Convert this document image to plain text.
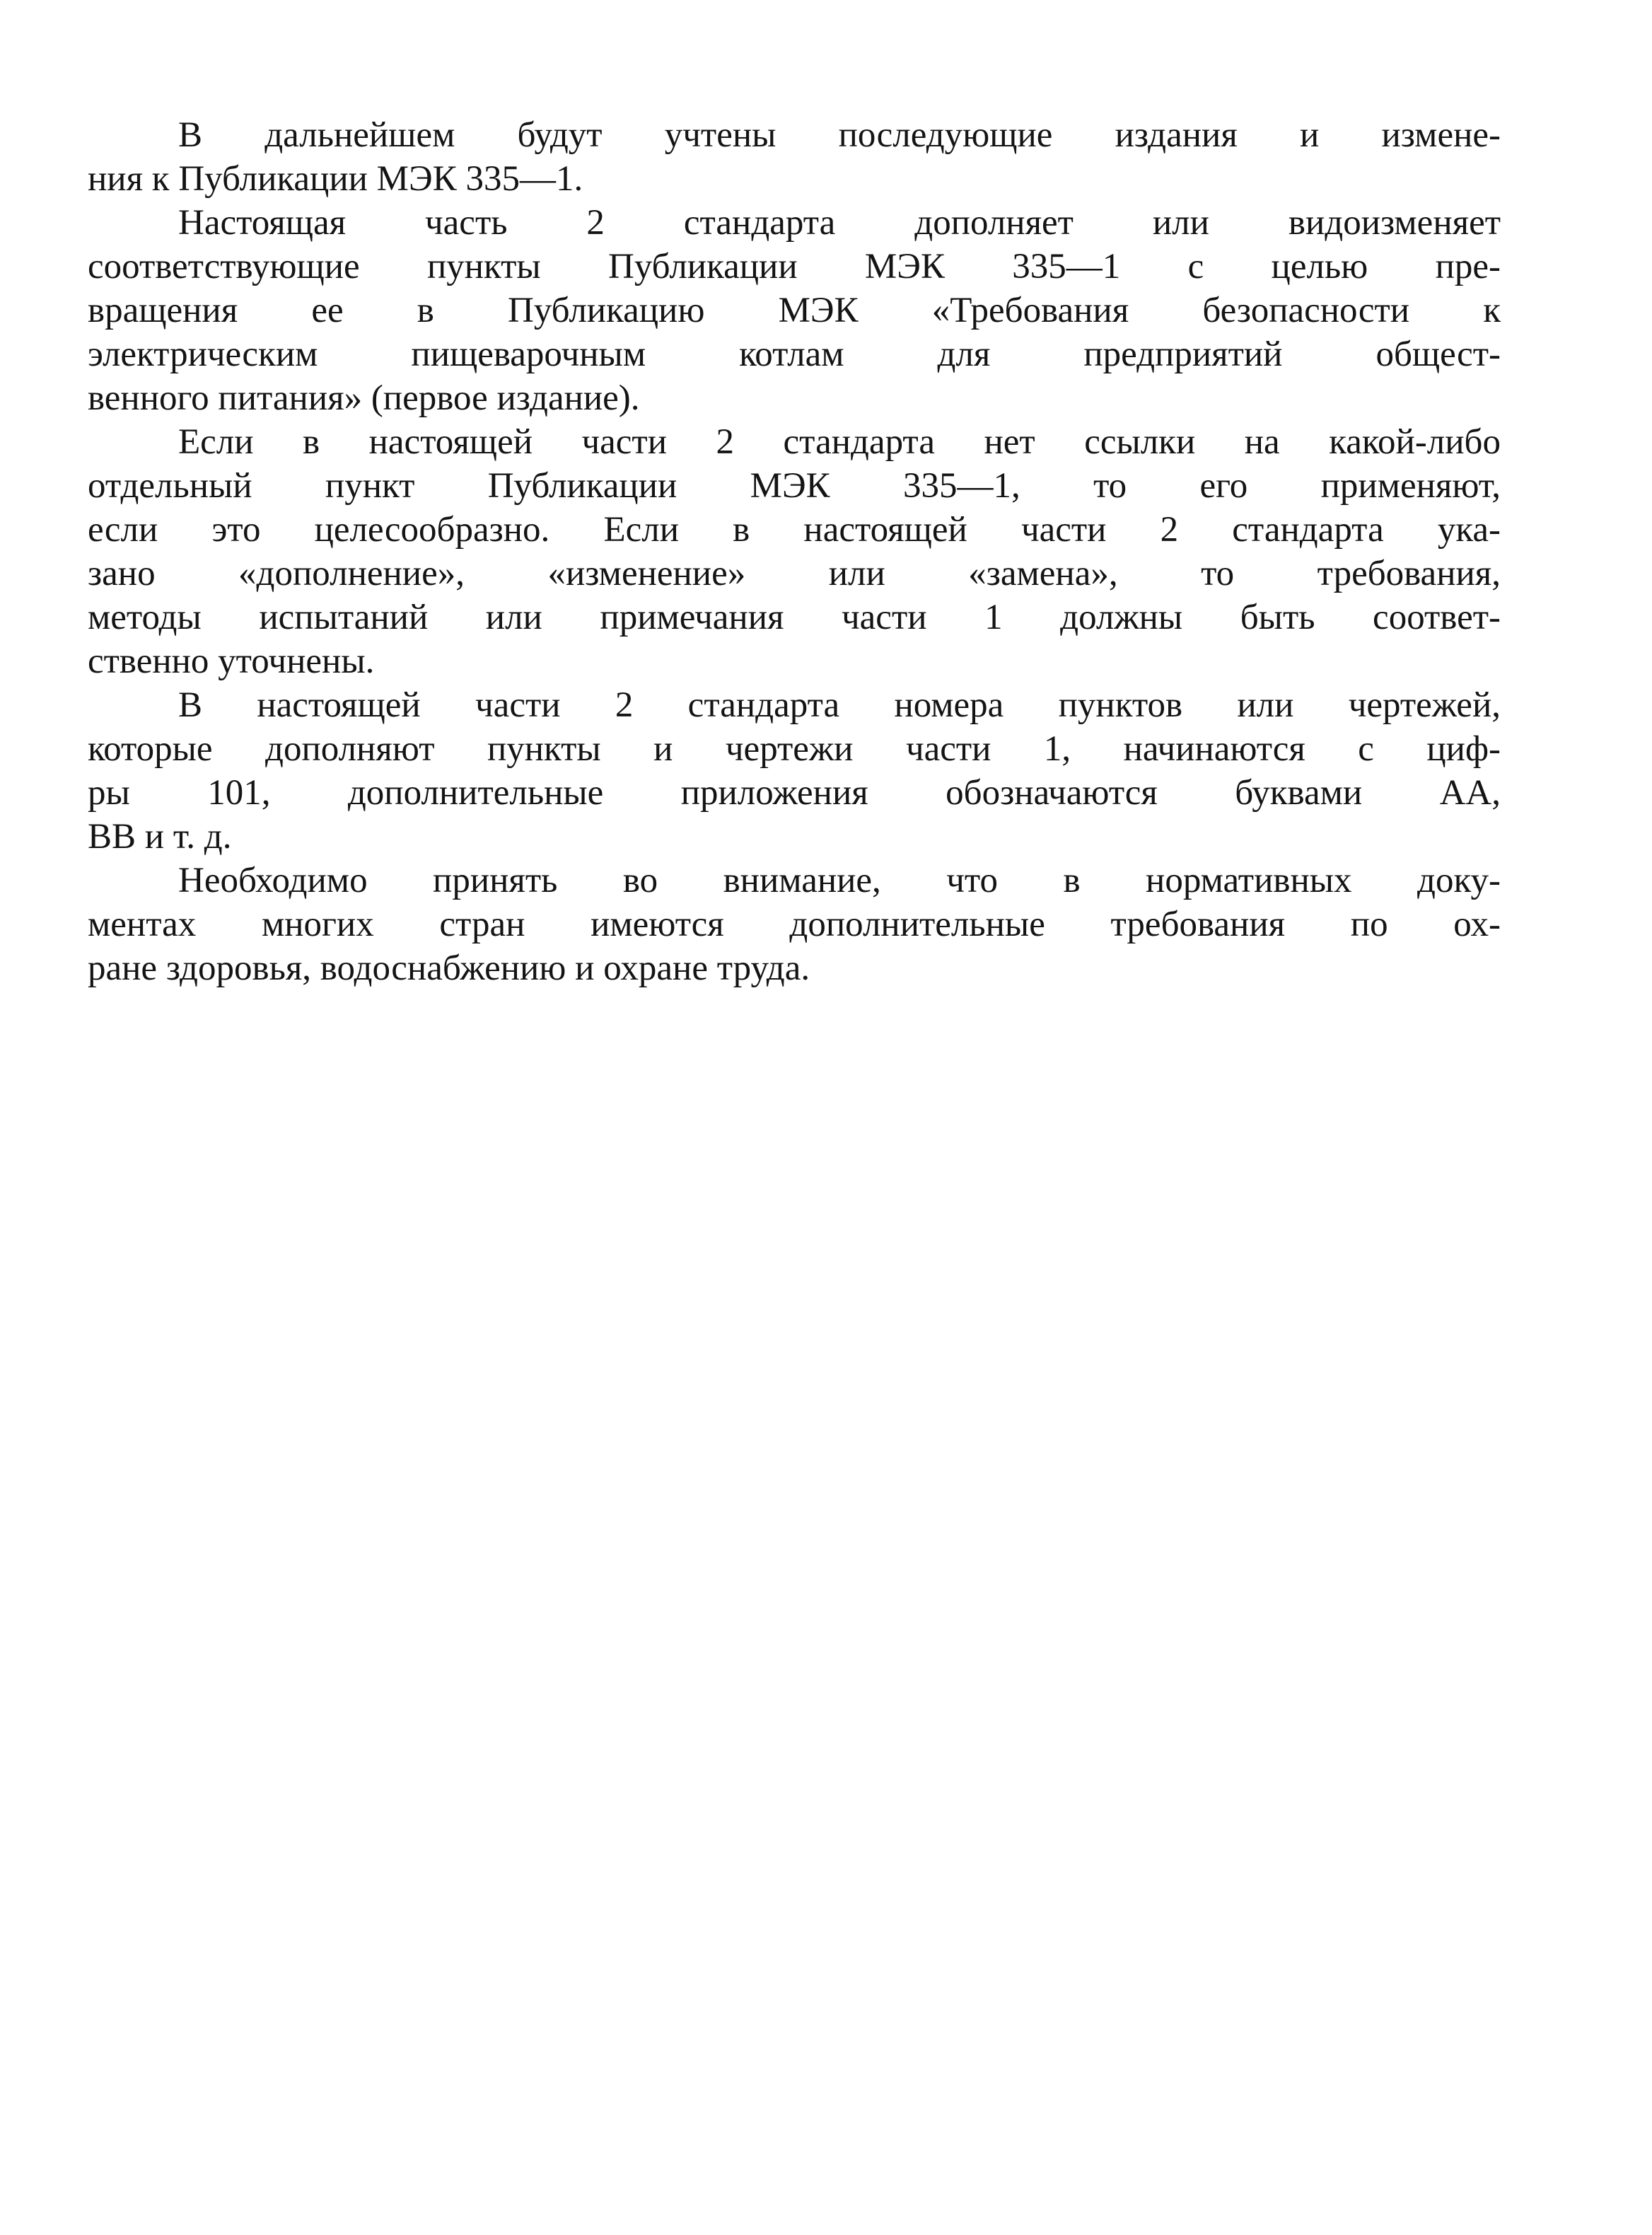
В дальнейшем будут учтены последующие издания и измене-
ния к Публикации МЭК 335—1.
Настоящая часть 2 стандарта дополняет или видоизменяет
соответствующие пункты Публикации МЭК 335—1 с целью пре-
вращения ее в Публикацию МЭК «Требования безопасности к
электрическим пищеварочным котлам для предприятий общест-
венного питания» (первое издание).
Если в настоящей части 2 стандарта нет ссылки на какой-либо
отдельный пункт Публикации МЭК 335—1, то его применяют,
если это целесообразно. Если в настоящей части 2 стандарта ука-
зано «дополнение», «изменение» или «замена», то требования,
методы испытаний или примечания части 1 должны быть соответ-
ственно уточнены.
В настоящей части 2 стандарта номера пунктов или чертежей,
которые дополняют пункты и чертежи части 1, начинаются с циф-
ры 101, дополнительные приложения обозначаются буквами АА,
ВВ и т. д.
Необходимо принять во внимание, что в нормативных доку-
ментах многих стран имеются дополнительные требования по ох-
ране здоровья, водоснабжению и охране труда.
